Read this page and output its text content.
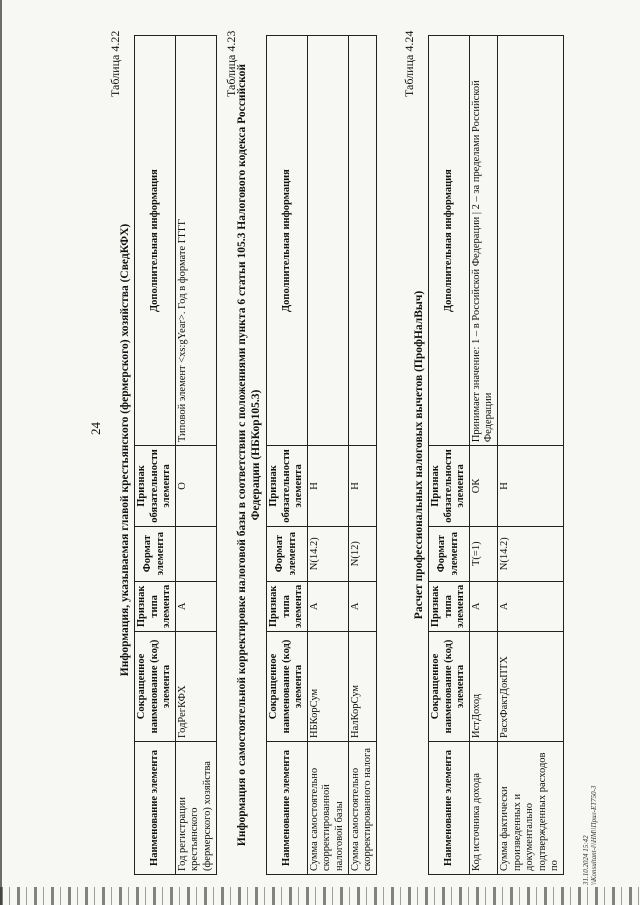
24
Таблица 4.22
Информация, указываемая главой крестьянского (фермерского) хозяйства (СведКФХ)
Наименование элемента	Сокращенное наименование (код) элемента	Признак типа элемента	Формат элемента	Признак обязательности элемента	Дополнительная информация
Год регистрации крестьянского (фермерского) хозяйства	ГодРегКФХ	А		О	Типовой элемент <xs:gYear>. Год в формате ГГГГ
Таблица 4.23
Информация о самостоятельной корректировке налоговой базы в соответствии с положениями пункта 6 статьи 105.3 Налогового кодекса Российской Федерации (НБКор105.3)
Наименование элемента	Сокращенное наименование (код) элемента	Признак типа элемента	Формат элемента	Признак обязательности элемента	Дополнительная информация
Сумма самостоятельно скорректированной налоговой базы	НБКорСум	А	N(14.2)	Н	
Сумма самостоятельно скорректированного налога	НалКорСум	А	N(12)	Н	
Таблица 4.24
Расчет профессиональных налоговых вычетов (ПрофНалВыч)
Наименование элемента	Сокращенное наименование (код) элемента	Признак типа элемента	Формат элемента	Признак обязательности элемента	Дополнительная информация
Код источника дохода	ИстДоход	А	T(=1)	ОК	Принимает значение: 1 – в Российской Федерации | 2 – за пределами Российской Федерации
Сумма фактически произведенных и документально подтвержденных расходов по	РасхФактДокПТХ	А	N(14.2)	Н	
31.10.2024 15:42 \\Konsultant-i\\НМ\\Прил-ЕТ750-3
